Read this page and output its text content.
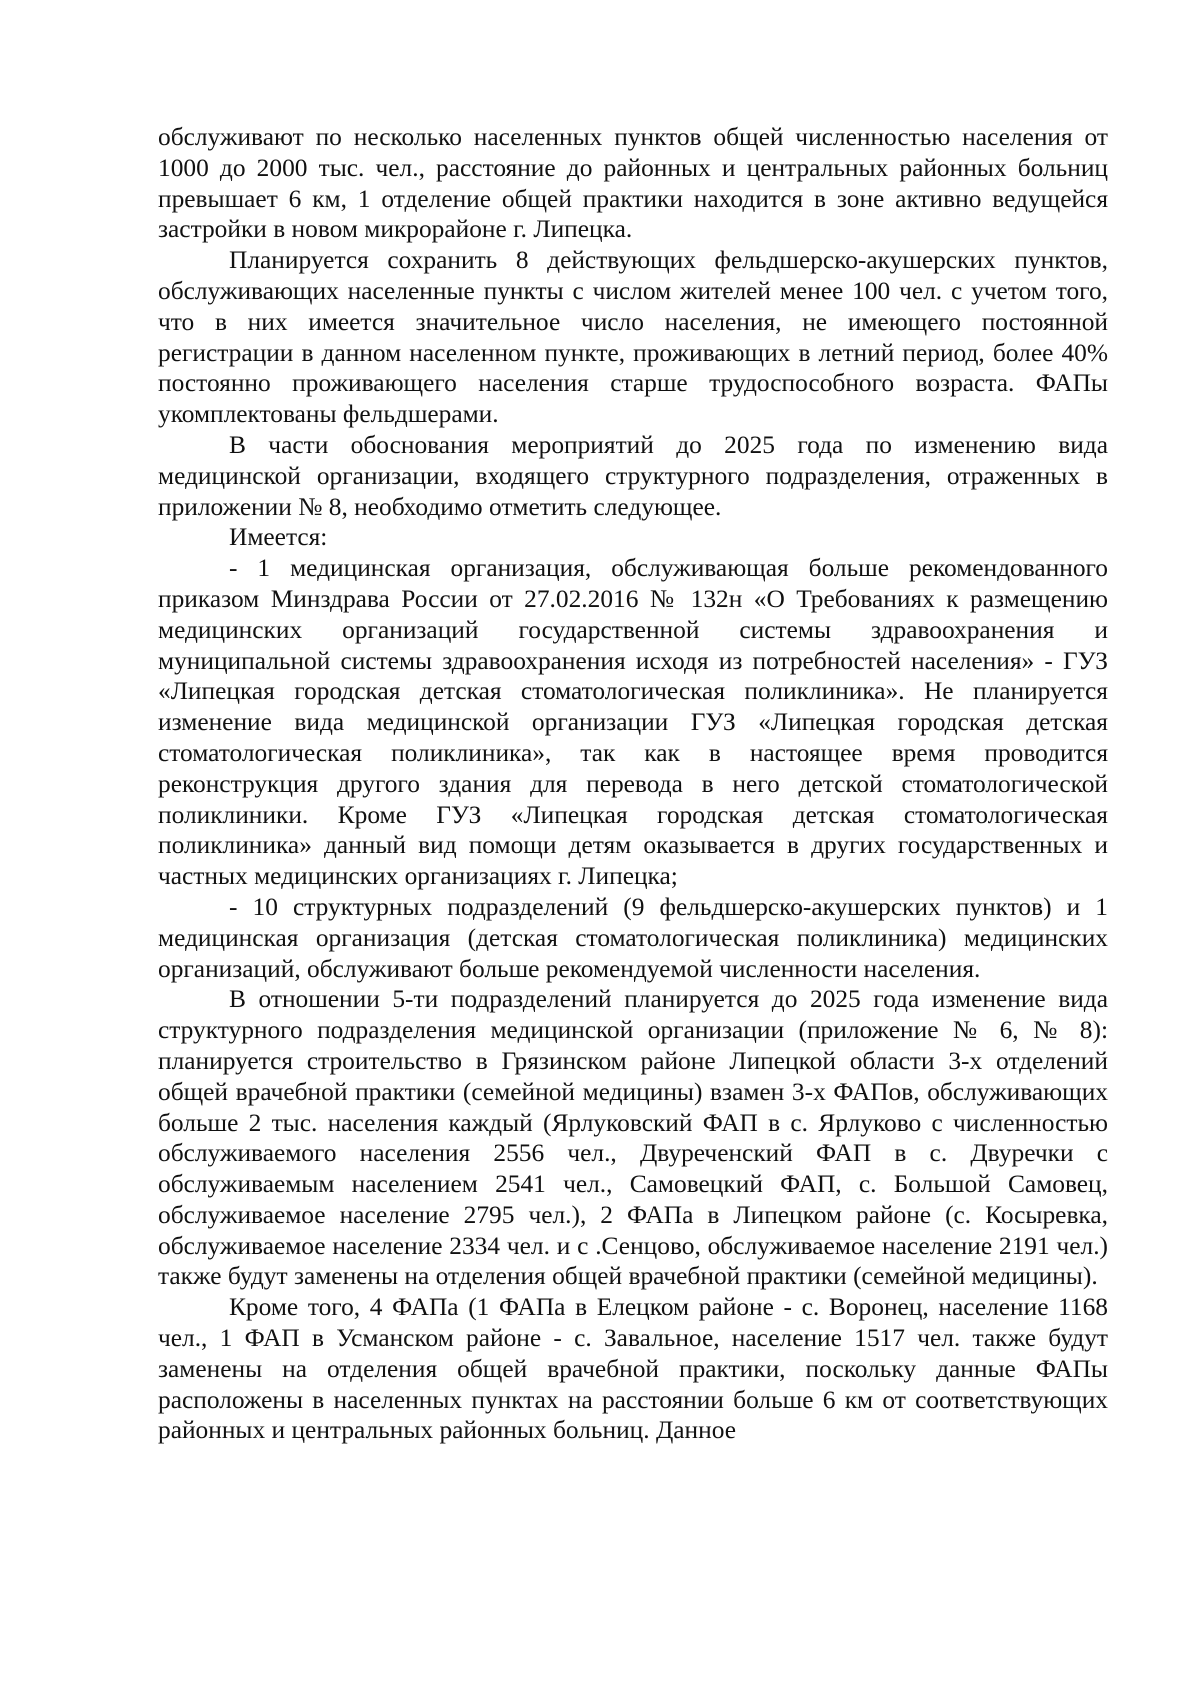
обслуживают по несколько населенных пунктов общей численностью населения от 1000 до 2000 тыс. чел., расстояние до районных и центральных районных больниц превышает 6 км, 1 отделение общей практики находится в зоне активно ведущейся застройки в новом микрорайоне г. Липецка.

Планируется сохранить 8 действующих фельдшерско-акушерских пунктов, обслуживающих населенные пункты с числом жителей менее 100 чел. с учетом того, что в них имеется значительное число населения, не имеющего постоянной регистрации в данном населенном пункте, проживающих в летний период, более 40% постоянно проживающего населения старше трудоспособного возраста. ФАПы укомплектованы фельдшерами.

В части обоснования мероприятий до 2025 года по изменению вида медицинской организации, входящего структурного подразделения, отраженных в приложении № 8, необходимо отметить следующее.

Имеется:

- 1 медицинская организация, обслуживающая больше рекомендованного приказом Минздрава России от 27.02.2016 № 132н «О Требованиях к размещению медицинских организаций государственной системы здравоохранения и муниципальной системы здравоохранения исходя из потребностей населения» - ГУЗ «Липецкая городская детская стоматологическая поликлиника». Не планируется изменение вида медицинской организации ГУЗ «Липецкая городская детская стоматологическая поликлиника», так как в настоящее время проводится реконструкция другого здания для перевода в него детской стоматологической поликлиники. Кроме ГУЗ «Липецкая городская детская стоматологическая поликлиника» данный вид помощи детям оказывается в других государственных и частных медицинских организациях г. Липецка;

- 10 структурных подразделений (9 фельдшерско-акушерских пунктов) и 1 медицинская организация (детская стоматологическая поликлиника) медицинских организаций, обслуживают больше рекомендуемой численности населения.

В отношении 5-ти подразделений планируется до 2025 года изменение вида структурного подразделения медицинской организации (приложение № 6, № 8): планируется строительство в Грязинском районе Липецкой области 3-х отделений общей врачебной практики (семейной медицины) взамен 3-х ФАПов, обслуживающих больше 2 тыс. населения каждый (Ярлуковский ФАП в с. Ярлуково с численностью обслуживаемого населения 2556 чел., Двуреченский ФАП в с. Двуречки с обслуживаемым населением 2541 чел., Самовецкий ФАП, с. Большой Самовец, обслуживаемое население 2795 чел.), 2 ФАПа в Липецком районе (с. Косыревка, обслуживаемое население 2334 чел. и с .Сенцово, обслуживаемое население 2191 чел.) также будут заменены на отделения общей врачебной практики (семейной медицины).

Кроме того, 4 ФАПа (1 ФАПа в Елецком районе - с. Воронец, население 1168 чел., 1 ФАП в Усманском районе - с. Завальное, население 1517 чел. также будут заменены на отделения общей врачебной практики, поскольку данные ФАПы расположены в населенных пунктах на расстоянии больше 6 км от соответствующих районных и центральных районных больниц. Данное
